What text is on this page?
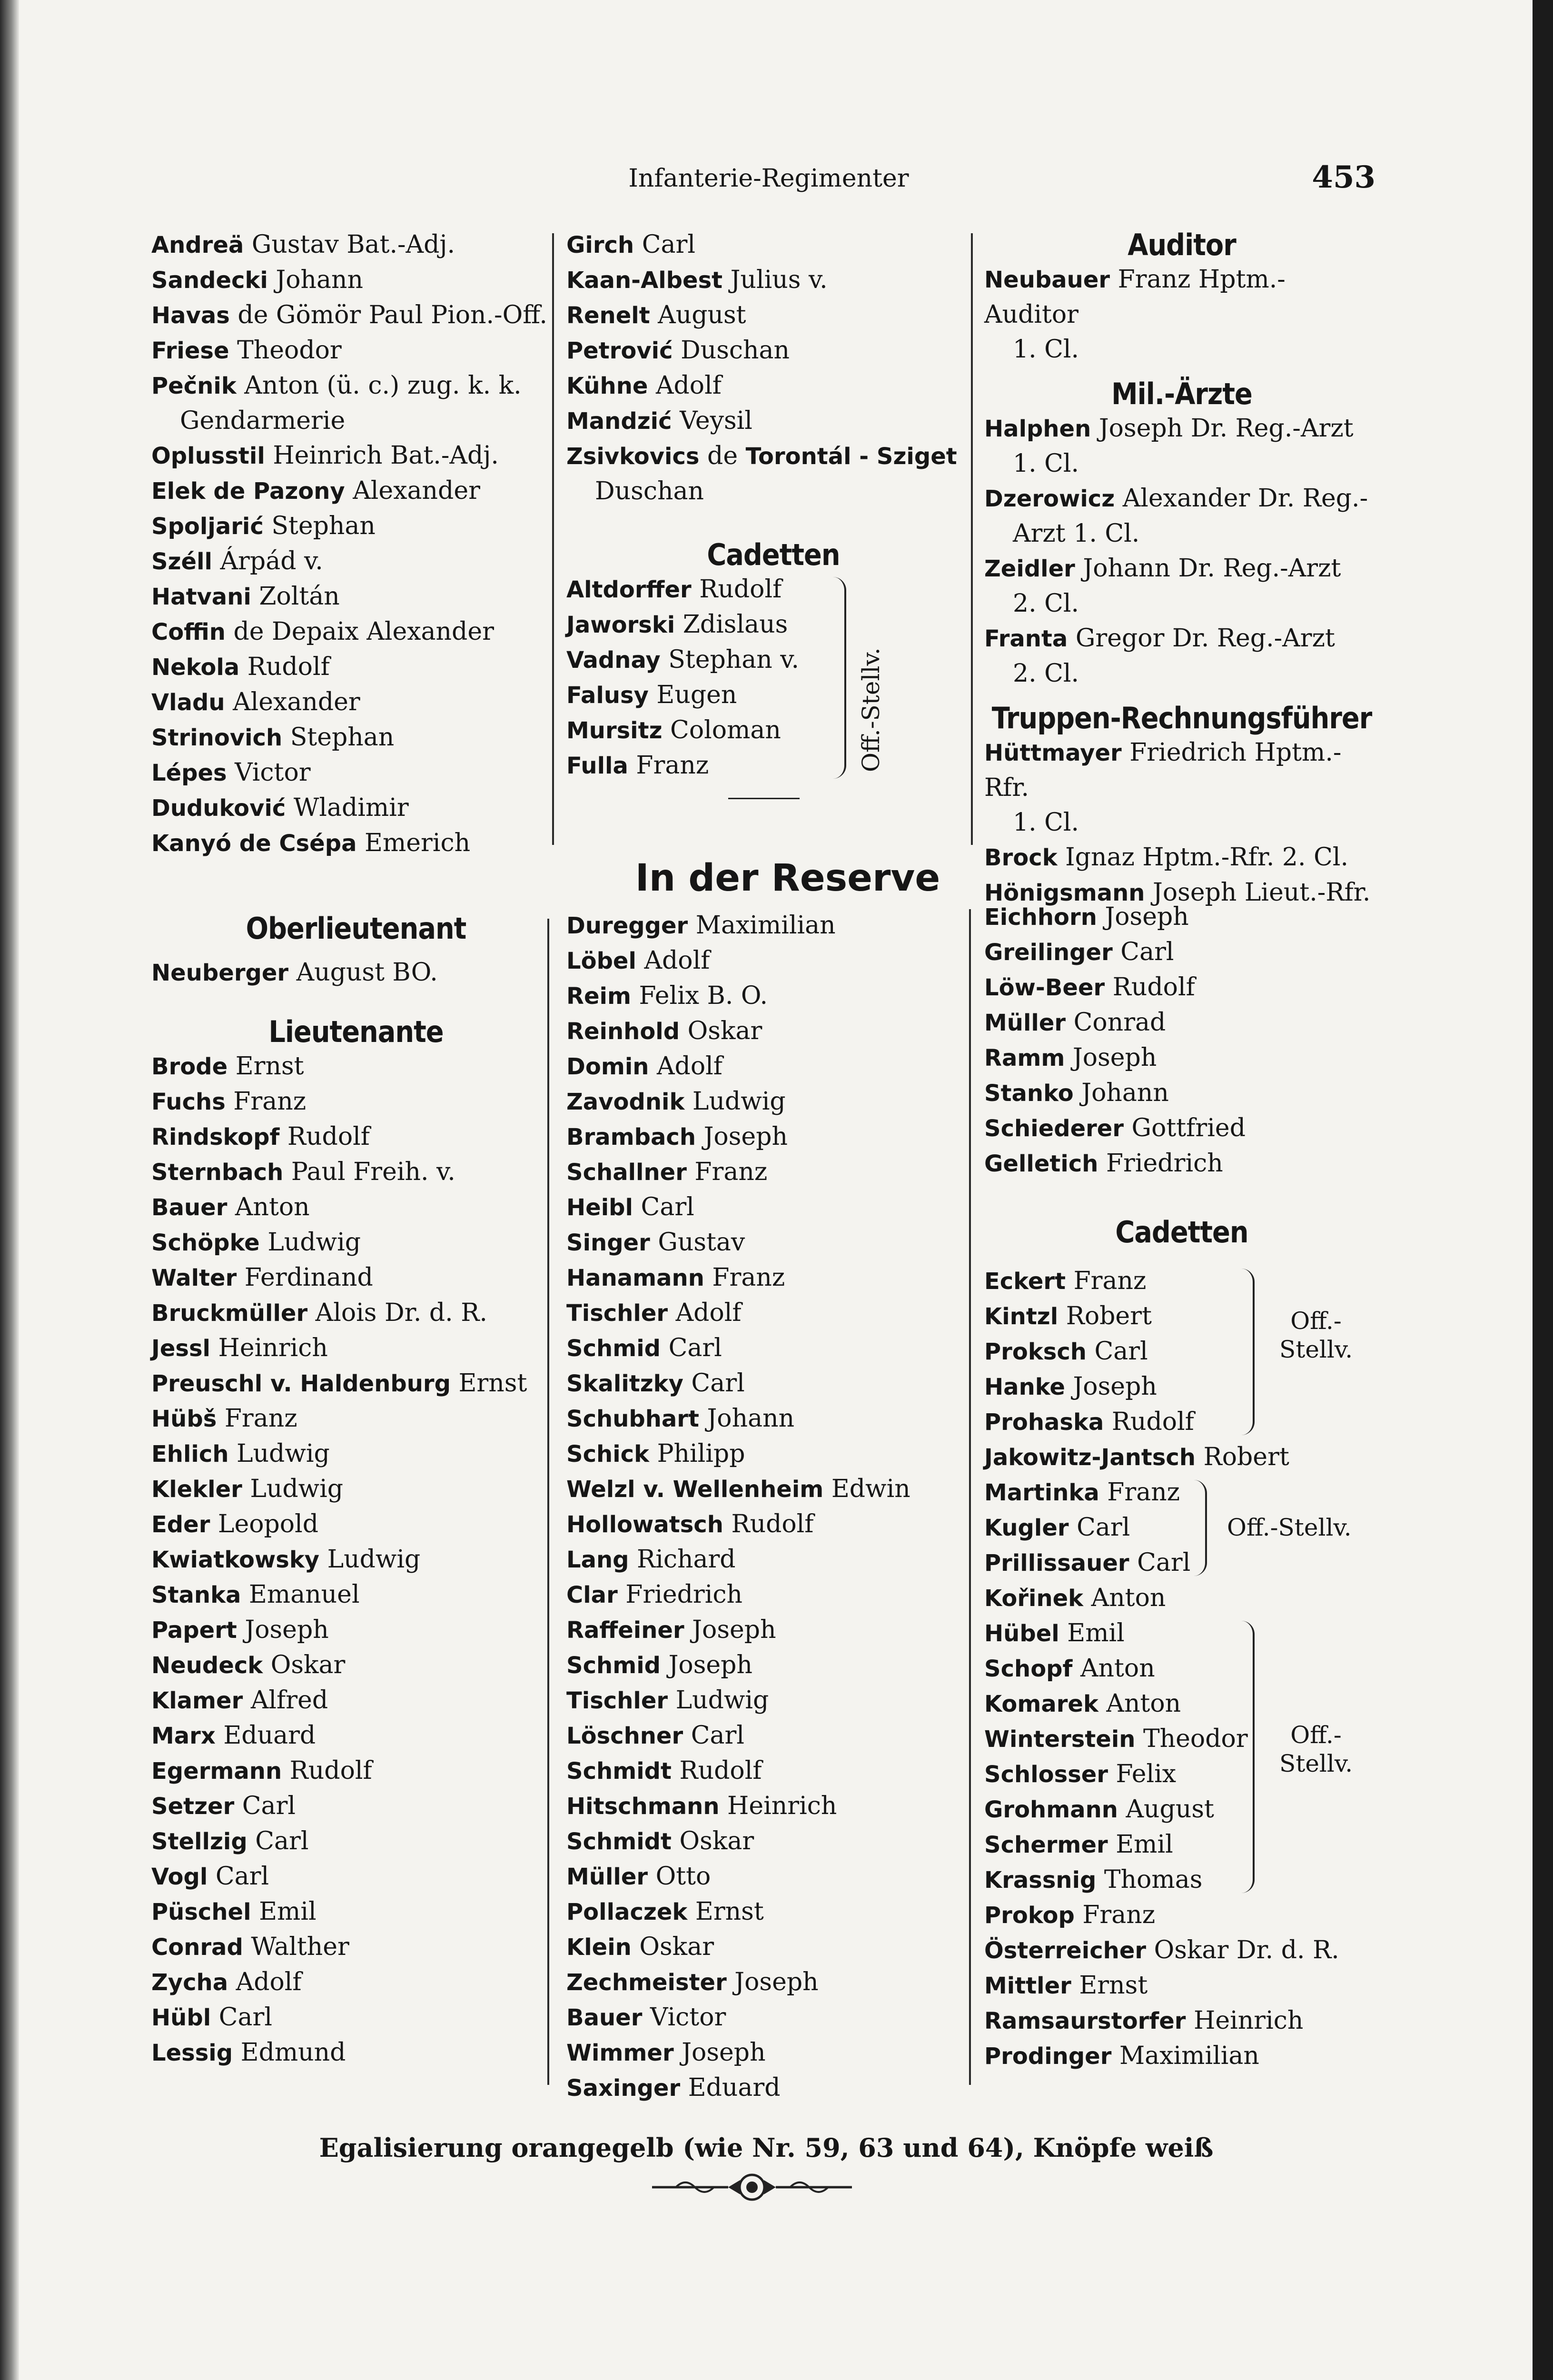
Infanterie-Regimenter	453
Andreä Gustav Bat.-Adj.
Sandecki Johann
Havas de Gömör Paul Pion.-Off.
Friese Theodor
Pečnik Anton (ü. c.) zug. k. k.
Gendarmerie
Oplusstil Heinrich Bat.-Adj.
Elek de Pazony Alexander
Spoljarić Stephan
Széll Árpád v.
Hatvani Zoltán
Coffin de Depaix Alexander
Nekola Rudolf
Vladu Alexander
Strinovich Stephan
Lépes Victor
Duduković Wladimir
Kanyó de Csépa Emerich
Oberlieutenant
Neuberger August BO.
Lieutenante
Brode Ernst
Fuchs Franz
Rindskopf Rudolf
Sternbach Paul Freih. v.
Bauer Anton
Schöpke Ludwig
Walter Ferdinand
Bruckmüller Alois Dr. d. R.
Jessl Heinrich
Preuschl v. Haldenburg Ernst
Hübš Franz
Ehlich Ludwig
Klekler Ludwig
Eder Leopold
Kwiatkowsky Ludwig
Stanka Emanuel
Papert Joseph
Neudeck Oskar
Klamer Alfred
Marx Eduard
Egermann Rudolf
Setzer Carl
Stellzig Carl
Vogl Carl
Püschel Emil
Conrad Walther
Zycha Adolf
Hübl Carl
Lessig Edmund
Girch Carl
Kaan-Albest Julius v.
Renelt August
Petrović Duschan
Kühne Adolf
Mandzić Veysil
Zsivkovics de Torontál - Sziget
Duschan
Cadetten
Altdorffer Rudolf
Jaworski Zdislaus
Vadnay Stephan v.
Falusy Eugen
Mursitz Coloman
Fulla Franz	Off.-Stellv.
In der Reserve
Duregger Maximilian
Löbel Adolf
Reim Felix B. O.
Reinhold Oskar
Domin Adolf
Zavodnik Ludwig
Brambach Joseph
Schallner Franz
Heibl Carl
Singer Gustav
Hanamann Franz
Tischler Adolf
Schmid Carl
Skalitzky Carl
Schubhart Johann
Schick Philipp
Welzl v. Wellenheim Edwin
Hollowatsch Rudolf
Lang Richard
Clar Friedrich
Raffeiner Joseph
Schmid Joseph
Tischler Ludwig
Löschner Carl
Schmidt Rudolf
Hitschmann Heinrich
Schmidt Oskar
Müller Otto
Pollaczek Ernst
Klein Oskar
Zechmeister Joseph
Bauer Victor
Wimmer Joseph
Saxinger Eduard
Auditor
Neubauer Franz Hptm.-Auditor
1. Cl.
Mil.-Ärzte
Halphen Joseph Dr. Reg.-Arzt
1. Cl.
Dzerowicz Alexander Dr. Reg.-
Arzt 1. Cl.
Zeidler Johann Dr. Reg.-Arzt
2. Cl.
Franta Gregor Dr. Reg.-Arzt
2. Cl.
Truppen-Rechnungsführer
Hüttmayer Friedrich Hptm.-Rfr.
1. Cl.
Brock Ignaz Hptm.-Rfr. 2. Cl.
Hönigsmann Joseph Lieut.-Rfr.
Eichhorn Joseph
Greilinger Carl
Löw-Beer Rudolf
Müller Conrad
Ramm Joseph
Stanko Johann
Schiederer Gottfried
Gelletich Friedrich
Cadetten
Eckert Franz
Kintzl Robert
Proksch Carl
Hanke Joseph
Prohaska Rudolf
Off.-
Stellv.
Jakowitz-Jantsch Robert
Martinka Franz
Kugler Carl
Prillissauer Carl
Off.-Stellv.
Kořinek Anton
Hübel Emil
Schopf Anton
Komarek Anton
Winterstein Theodor
Schlosser Felix
Grohmann August
Schermer Emil
Krassnig Thomas
Off.-
Stellv.
Prokop Franz
Österreicher Oskar Dr. d. R.
Mittler Ernst
Ramsaurstorfer Heinrich
Prodinger Maximilian
Egalisierung orangegelb (wie Nr. 59, 63 und 64), Knöpfe weiß
